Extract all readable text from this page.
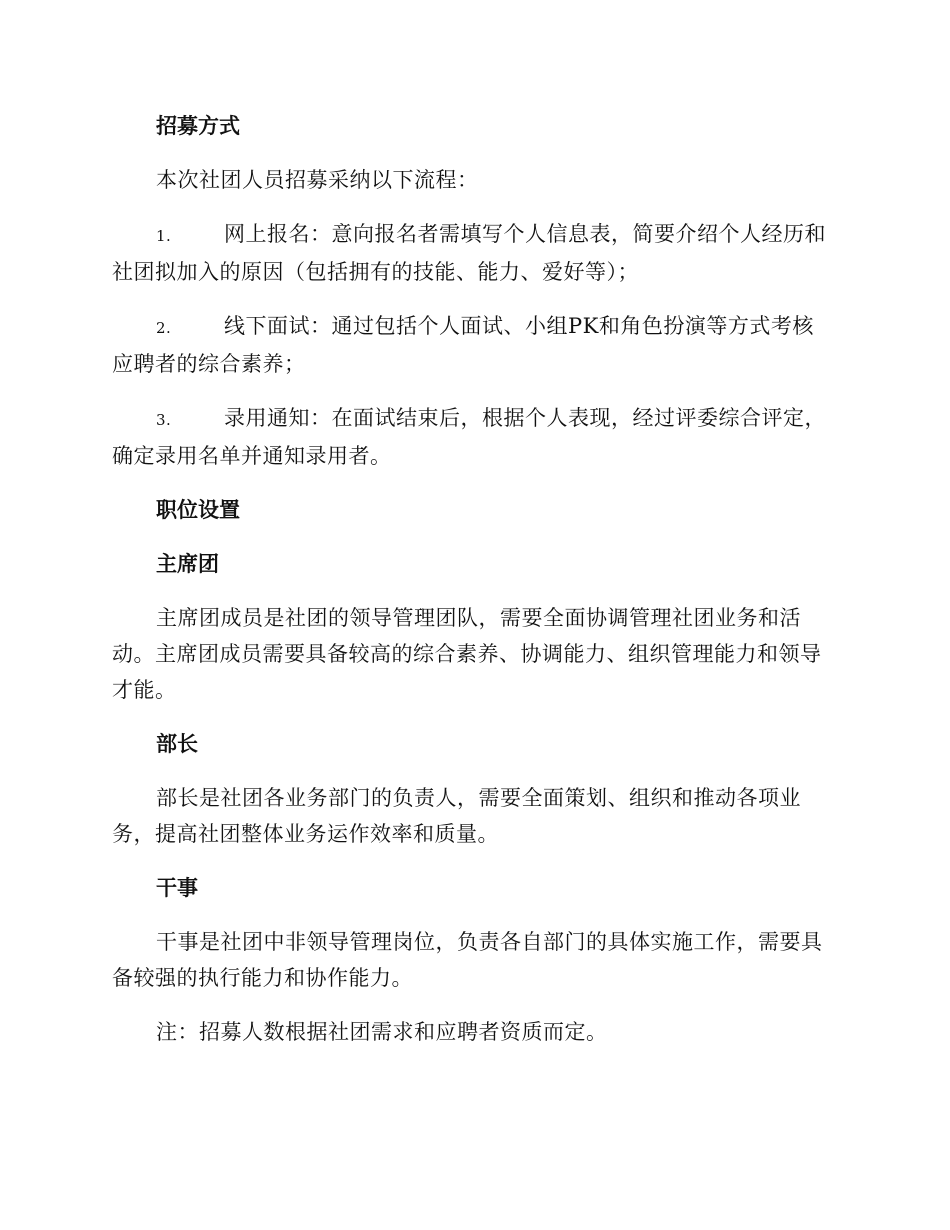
招募方式
本次社团人员招募采纳以下流程：
1.	网上报名：意向报名者需填写个人信息表，简要介绍个人经历和社团拟加入的原因（包括拥有的技能、能力、爱好等）；
2.	线下面试：通过包括个人面试、小组PK和角色扮演等方式考核应聘者的综合素养；
3.	录用通知：在面试结束后，根据个人表现，经过评委综合评定，确定录用名单并通知录用者。
职位设置
主席团
主席团成员是社团的领导管理团队，需要全面协调管理社团业务和活动。主席团成员需要具备较高的综合素养、协调能力、组织管理能力和领导才能。
部长
部长是社团各业务部门的负责人，需要全面策划、组织和推动各项业务，提高社团整体业务运作效率和质量。
干事
干事是社团中非领导管理岗位，负责各自部门的具体实施工作，需要具备较强的执行能力和协作能力。
注：招募人数根据社团需求和应聘者资质而定。
